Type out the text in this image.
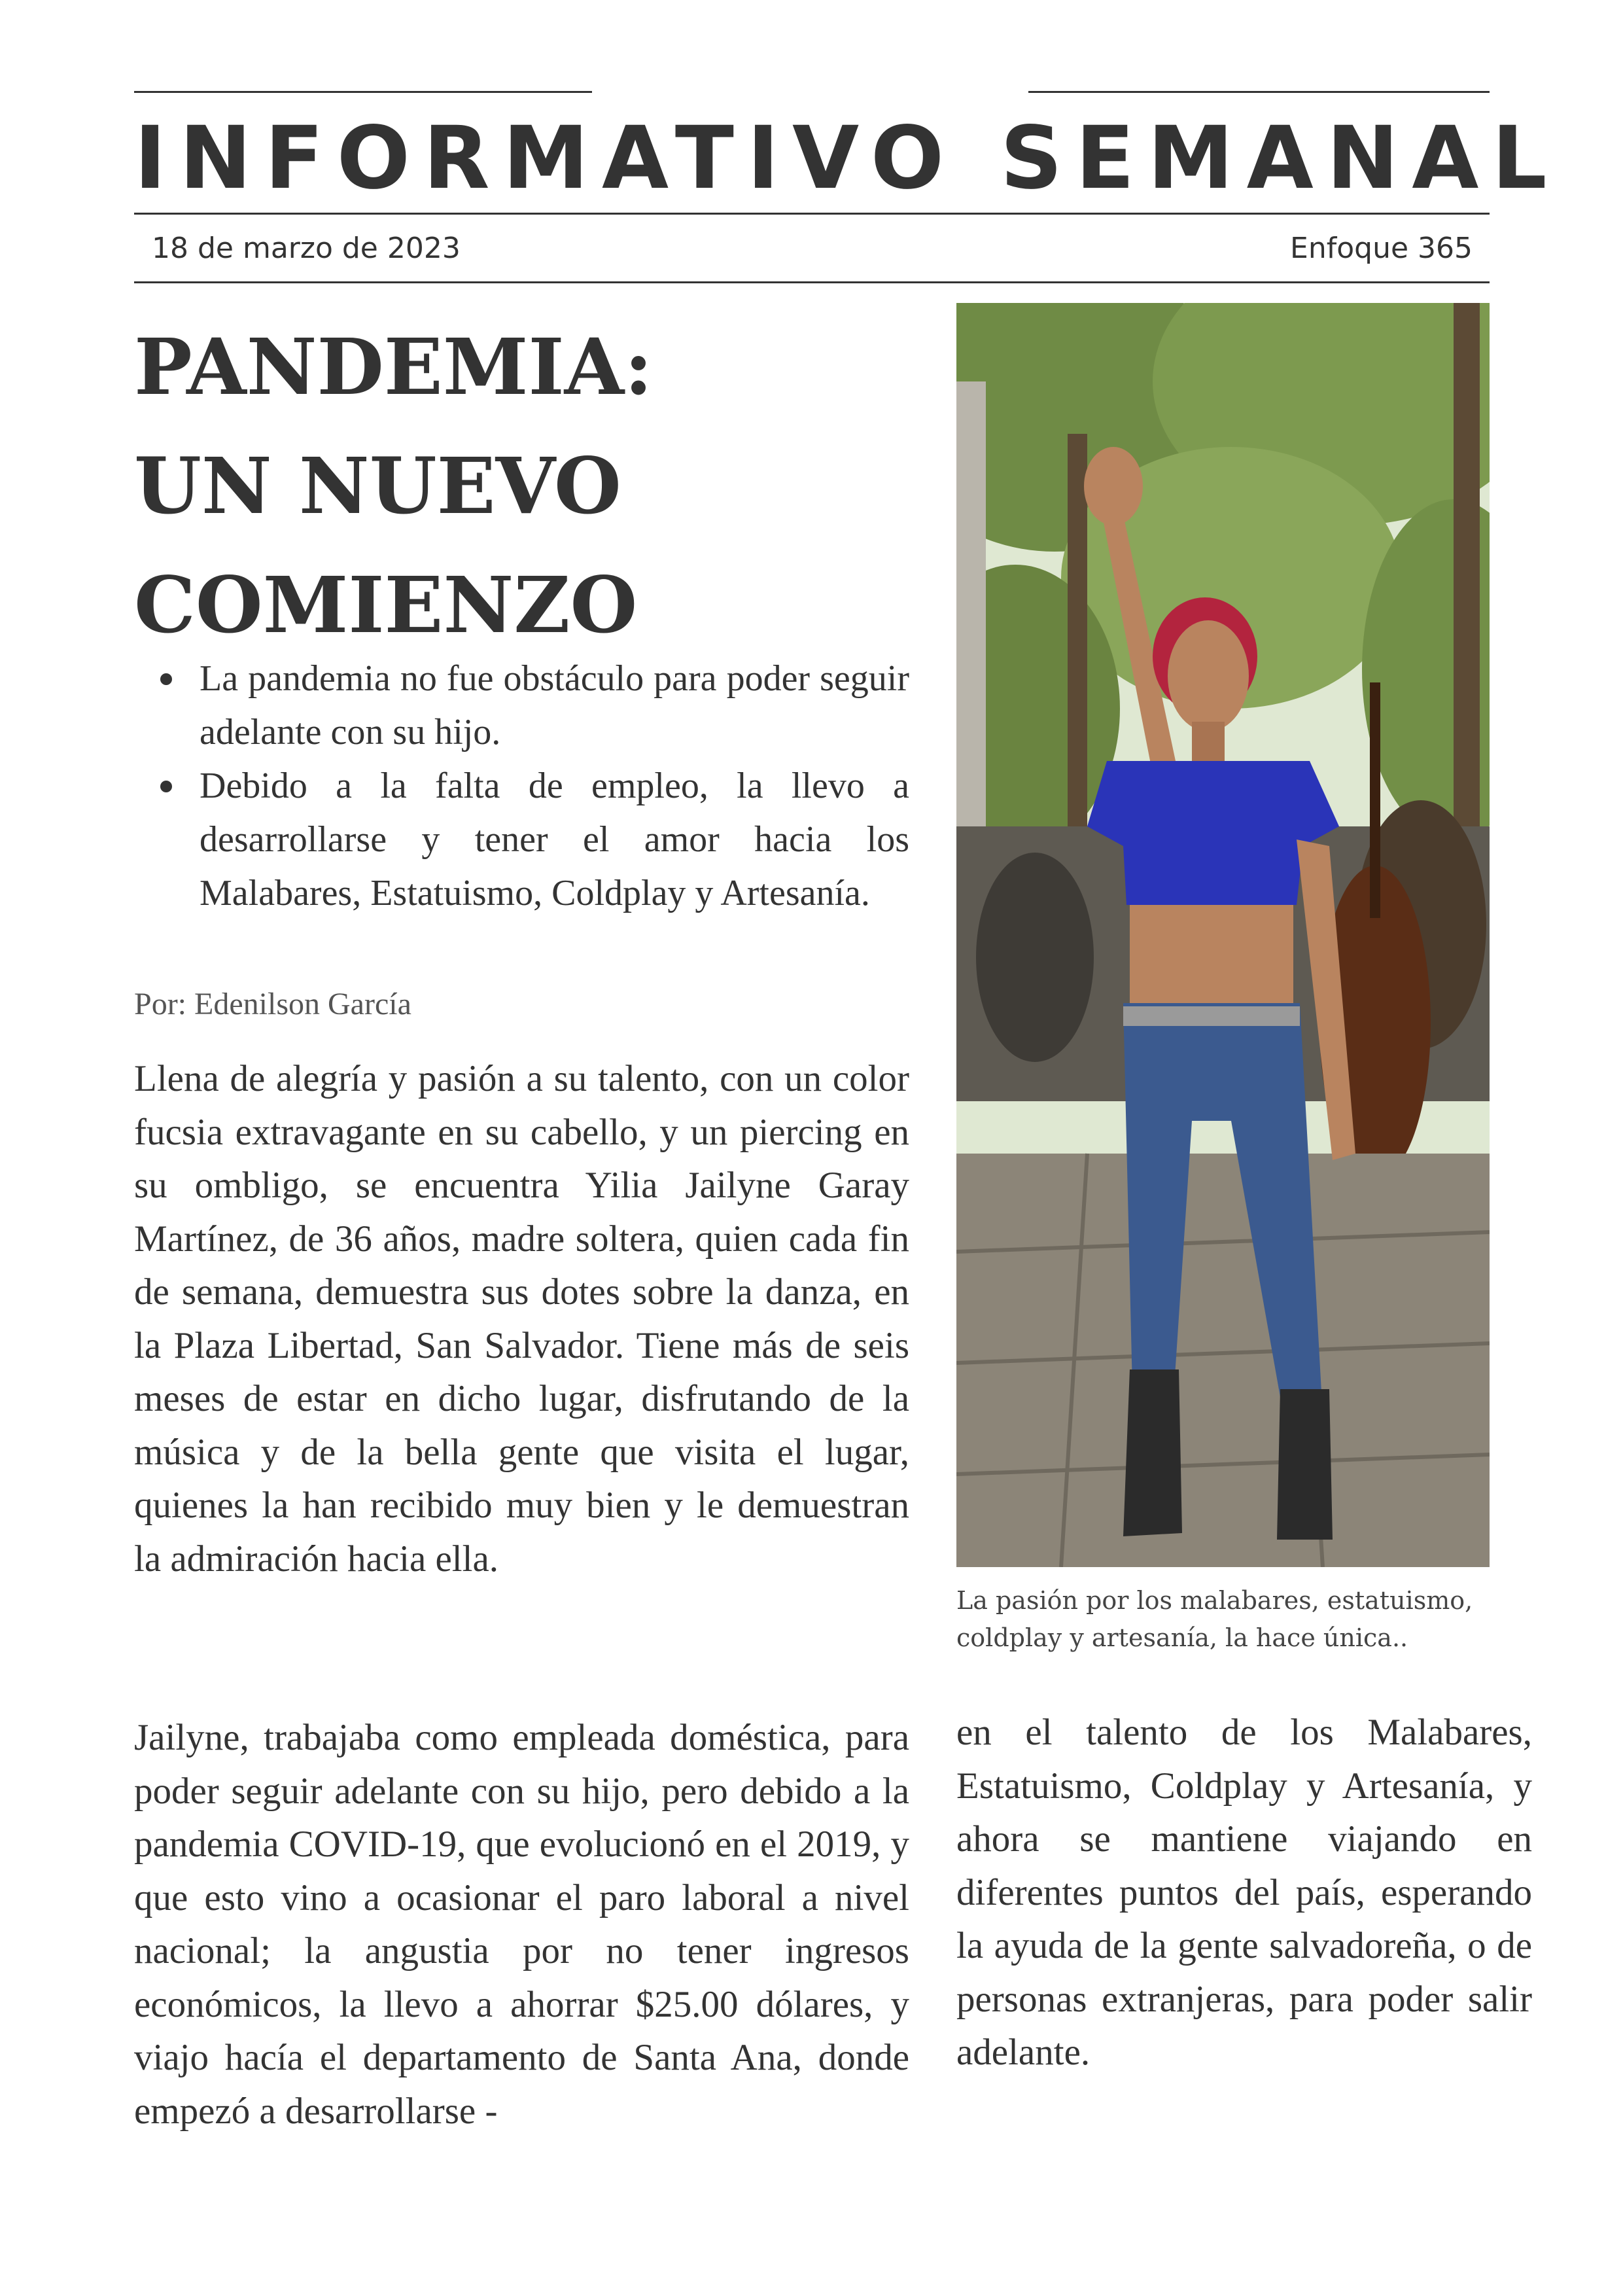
INFORMATIVO SEMANAL
18 de marzo de 2023	Enfoque 365
PANDEMIA:
UN NUEVO
COMIENZO
La pandemia no fue obstáculo para poder seguir adelante con su hijo.
Debido a la falta de empleo, la llevo a desarrollarse y tener el amor hacia los Malabares, Estatuismo, Coldplay y Artesanía.
Por: Edenilson García
Llena de alegría y pasión a su talento, con un color fucsia extravagante en su cabello, y un piercing en su ombligo, se encuentra Yilia Jailyne Garay Martínez, de 36 años, madre soltera, quien cada fin de semana, demuestra sus dotes sobre la danza, en la Plaza Libertad, San Salvador. Tiene más de seis meses de estar en dicho lugar, disfrutando de la música y de la bella gente que visita el lugar, quienes la han recibido muy bien y le demuestran la admiración hacia ella.
Jailyne, trabajaba como empleada doméstica, para poder seguir adelante con su hijo, pero debido a la pandemia COVID-19, que evolucionó en el 2019, y que esto vino a ocasionar el paro laboral a nivel nacional; la angustia por no tener ingresos económicos, la llevo a ahorrar $25.00 dólares, y viajo hacía el departamento de Santa Ana, donde empezó a desarrollarse -
en el talento de los Malabares, Estatuismo, Coldplay y Artesanía, y ahora se mantiene viajando en diferentes puntos del país, esperando la ayuda de la gente salvadoreña, o de personas extranjeras, para poder salir adelante.
La pasión por los malabares, estatuismo, coldplay y artesanía, la hace única..
